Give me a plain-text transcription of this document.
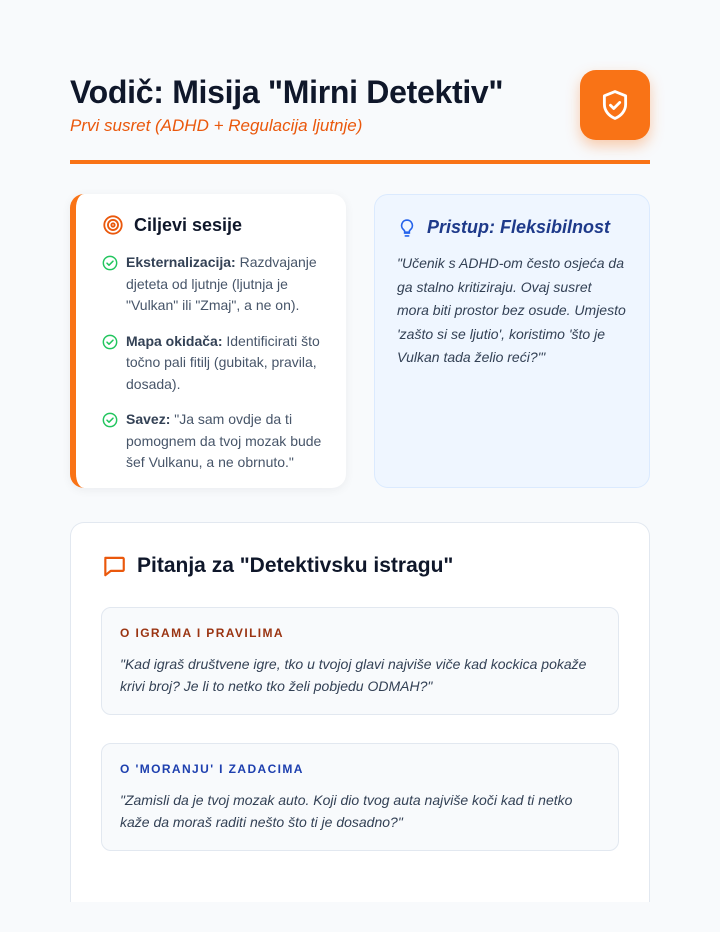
Vodič: Misija "Mirni Detektiv"
Prvi susret (ADHD + Regulacija ljutnje)
Ciljevi sesije

Eksternalizacija: Razdvajanje djeteta od ljutnje (ljutnja je "Vulkan" ili "Zmaj", a ne on).

Mapa okidača: Identificirati što točno pali fitilj (gubitak, pravila, dosada).

Savez: "Ja sam ovdje da ti pomognem da tvoj mozak bude šef Vulkanu, a ne obrnuto."

Pristup: Fleksibilnost

"Učenik s ADHD-om često osjeća da ga stalno kritiziraju. Ovaj susret mora biti prostor bez osude. Umjesto 'zašto si se ljutio', koristimo 'što je Vulkan tada želio reći?'"

Pitanja za "Detektivsku istragu"
O IGRAMA I PRAVILIMA

"Kad igraš društvene igre, tko u tvojoj glavi najviše viče kad kockica pokaže krivi broj? Je li to netko tko želi pobjedu ODMAH?"

O 'MORANJU' I ZADACIMA

"Zamisli da je tvoj mozak auto. Koji dio tvog auta najviše koči kad ti netko kaže da moraš raditi nešto što ti je dosadno?"
